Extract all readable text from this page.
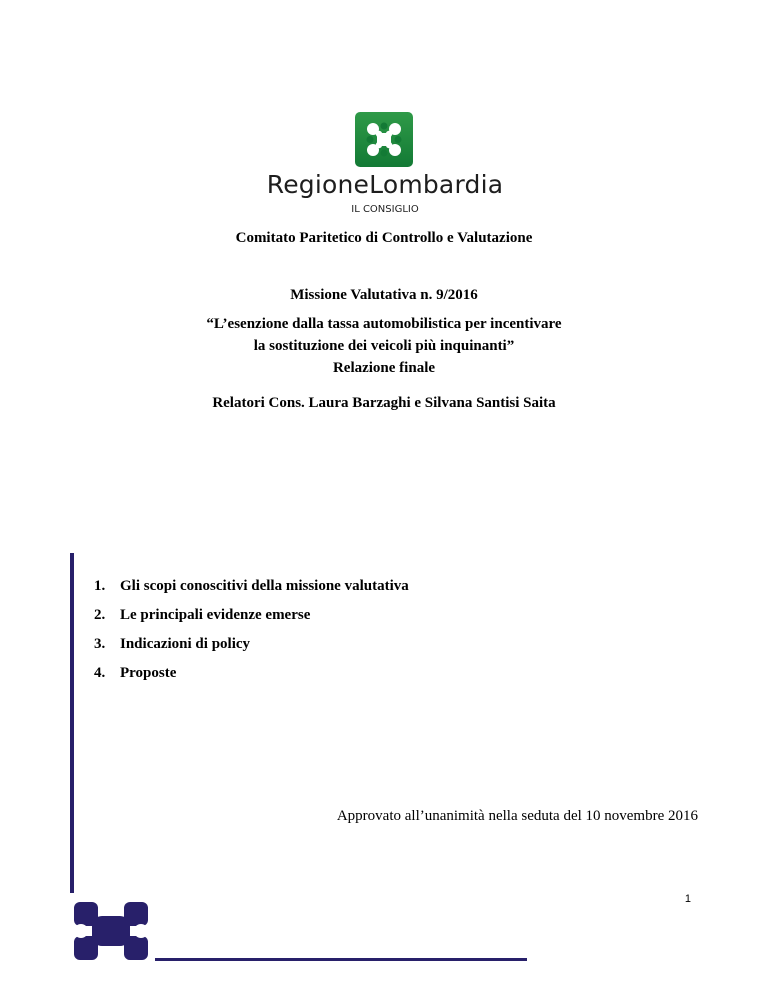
RegioneLombardia
IL CONSIGLIO
Comitato Paritetico di Controllo e Valutazione
Missione Valutativa n. 9/2016
“L’esenzione dalla tassa automobilistica per incentivare
la sostituzione dei veicoli più inquinanti”
Relazione finale
Relatori Cons. Laura Barzaghi e Silvana Santisi Saita
1. Gli scopi conoscitivi della missione valutativa
2. Le principali evidenze emerse
3. Indicazioni di policy
4. Proposte
Approvato all’unanimità nella seduta del 10 novembre 2016
1
